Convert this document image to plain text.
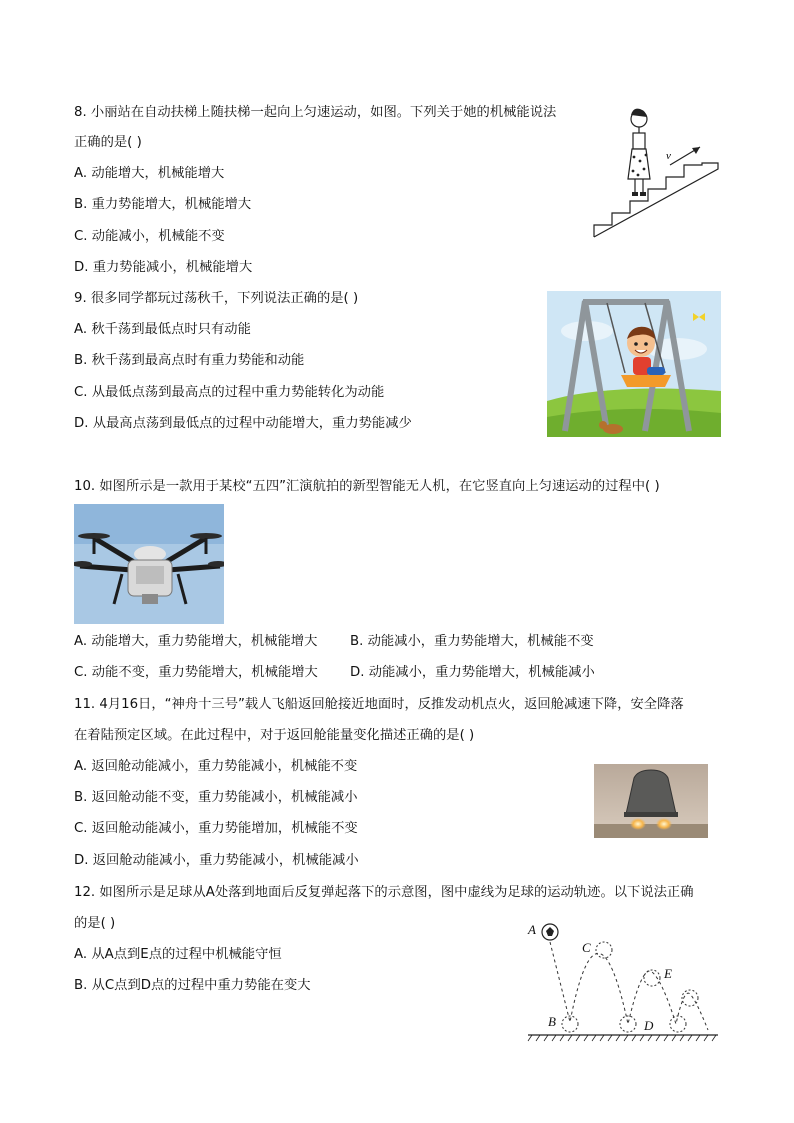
8. 小丽站在自动扶梯上随扶梯一起向上匀速运动，如图。下列关于她的机械能说法
正确的是( )
A. 动能增大，机械能增大
B. 重力势能增大，机械能增大
C. 动能减小，机械能不变
D. 重力势能减小，机械能增大
v
9. 很多同学都玩过荡秋千，下列说法正确的是( )
A. 秋千荡到最低点时只有动能
B. 秋千荡到最高点时有重力势能和动能
C. 从最低点荡到最高点的过程中重力势能转化为动能
D. 从最高点荡到最低点的过程中动能增大，重力势能减少
10. 如图所示是一款用于某校“五四”汇演航拍的新型智能无人机，在它竖直向上匀速运动的过程中( )
A. 动能增大，重力势能增大，机械能增大 B. 动能减小，重力势能增大，机械能不变
C. 动能不变，重力势能增大，机械能增大 D. 动能减小，重力势能增大，机械能减小
11. 4月16日，“神舟十三号”载人飞船返回舱接近地面时，反推发动机点火，返回舱减速下降，安全降落
在着陆预定区域。在此过程中，对于返回舱能量变化描述正确的是( )
A. 返回舱动能减小，重力势能减小，机械能不变
B. 返回舱动能不变，重力势能减小，机械能减小
C. 返回舱动能减小，重力势能增加，机械能不变
D. 返回舱动能减小，重力势能减小，机械能减小
12. 如图所示是足球从A处落到地面后反复弹起落下的示意图，图中虚线为足球的运动轨迹。以下说法正确
的是( )
A. 从A点到E点的过程中机械能守恒
B. 从C点到D点的过程中重力势能在变大
A
B
C
D
E
